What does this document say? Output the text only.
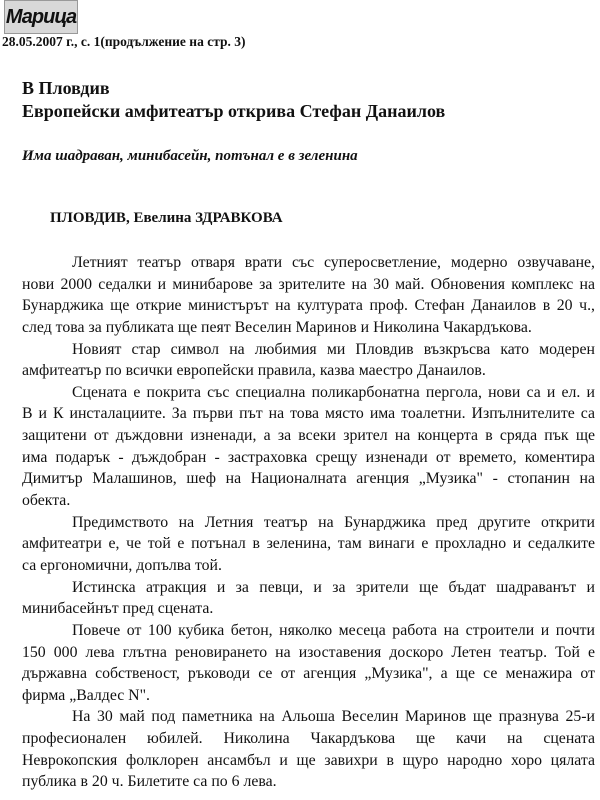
Марица
28.05.2007 г., с. 1(продължение на стр. 3)
В Пловдив
Европейски амфитеатър открива Стефан Данаилов
Има шадраван, минибасейн, потънал е в зеленина
ПЛОВДИВ, Евелина ЗДРАВКОВА
Летният театър отваря врати със суперосветление, модерно озвучаване,
нови 2000 седалки и минибарове за зрителите на 30 май. Обновения комплекс на
Бунарджика ще открие министърът на културата проф. Стефан Данаилов в 20 ч.,
след това за публиката ще пеят Веселин Маринов и Николина Чакардъкова.
Новият стар символ на любимия ми Пловдив възкръсва като модерен
амфитеатър по всички европейски правила, казва маестро Данаилов.
Сцената е покрита със специална поликарбонатна пергола, нови са и ел. и
В и К инсталациите. За първи път на това място има тоалетни. Изпълнителите са
защитени от дъждовни изненади, а за всеки зрител на концерта в сряда пък ще
има подарък - дъждобран - застраховка срещу изненади от времето, коментира
Димитър Малашинов, шеф на Националната агенция „Музика" - стопанин на
обекта.
Предимството на Летния театър на Бунарджика пред другите открити
амфитеатри е, че той е потънал в зеленина, там винаги е прохладно и седалките
са ергономични, допълва той.
Истинска атракция и за певци, и за зрители ще бъдат шадраванът и
минибасейнът пред сцената.
Повече от 100 кубика бетон, няколко месеца работа на строители и почти
150 000 лева глътна реновирането на изоставения доскоро Летен театър. Той е
държавна собственост, ръководи се от агенция „Музика", а ще се менажира от
фирма „Валдес N".
На 30 май под паметника на Альоша Веселин Маринов ще празнува 25-и
професионален юбилей. Николина Чакардъкова ще качи на сцената
Неврокопския фолклорен ансамбъл и ще завихри в щуро народно хоро цялата
публика в 20 ч. Билетите са по 6 лева.
